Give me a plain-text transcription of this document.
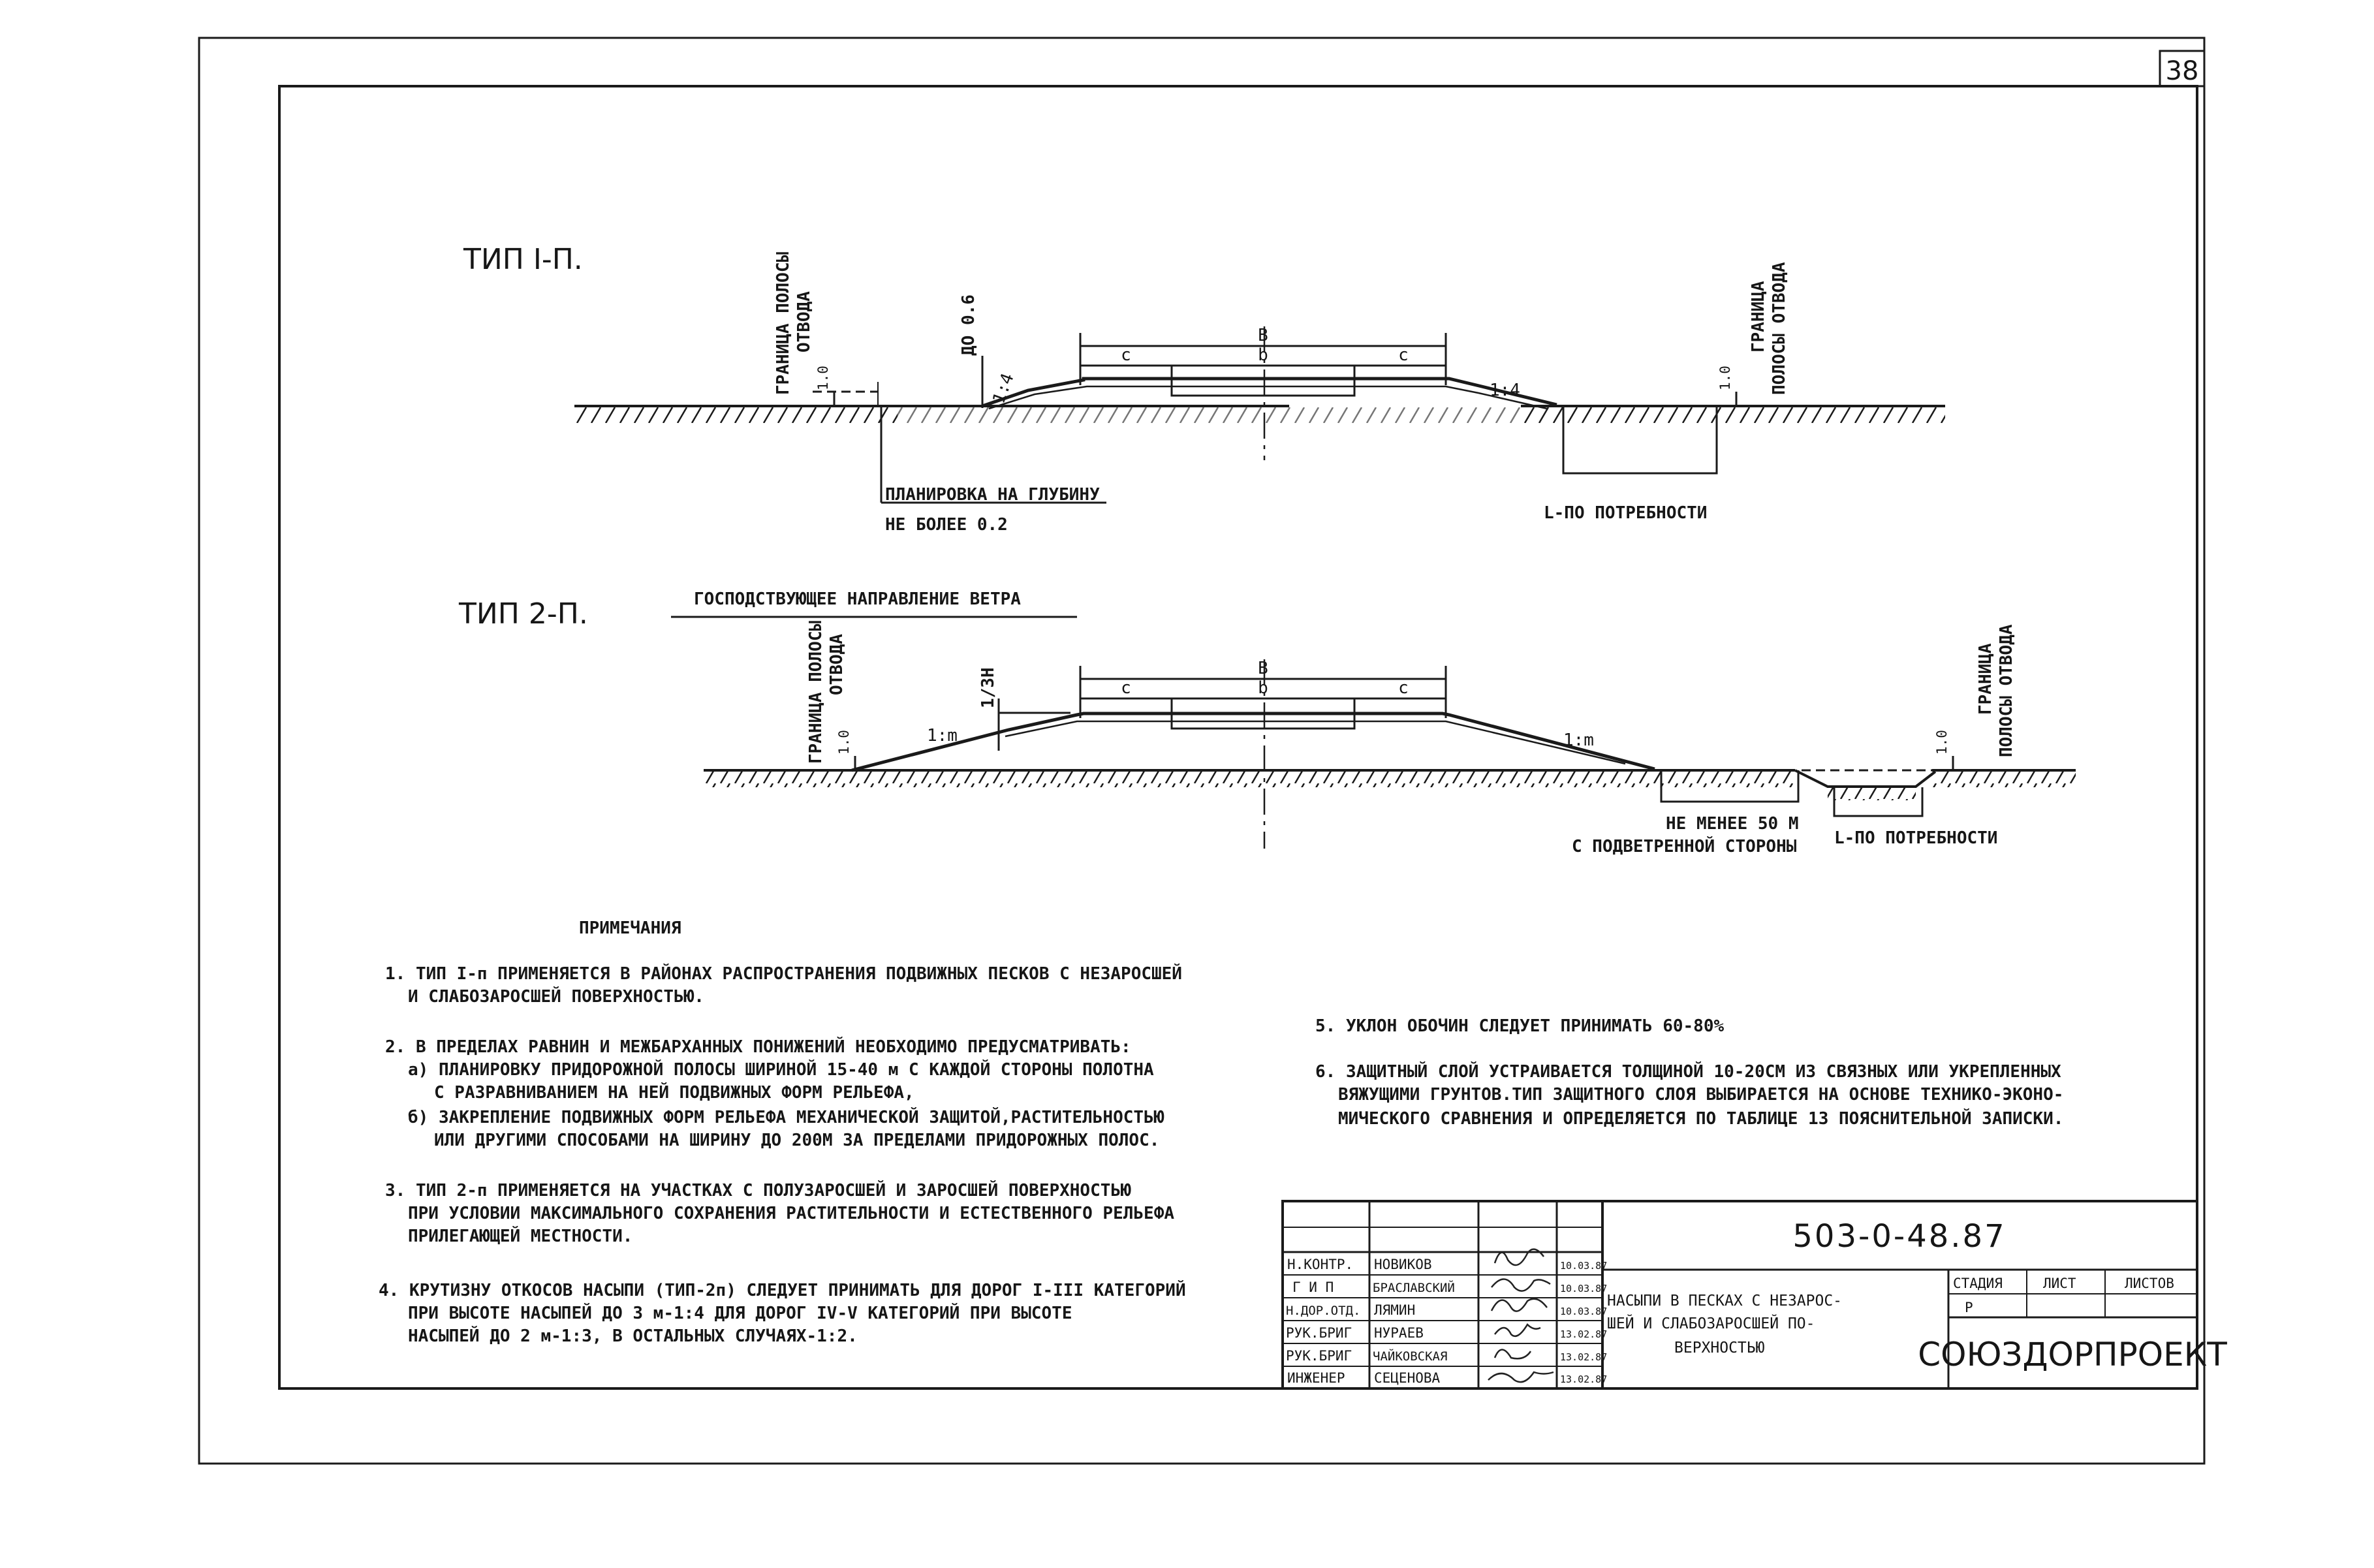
38
ТИП I-П.
B
b
c	c
ДО 0.6
1:4	1:4
1.0
ГРАНИЦА ПОЛОСЫ ОТВОДА
1.0
ГРАНИЦА ПОЛОСЫ ОТВОДА
ПЛАНИРОВКА НА ГЛУБИНУ
НЕ БОЛЕЕ 0.2
L-ПО ПОТРЕБНОСТИ
ТИП 2-П.	ГОСПОДСТВУЮЩЕЕ НАПРАВЛЕНИЕ ВЕТРА
B
b
c	c
1/3Н
1:m	1:m
1.0
ГРАНИЦА ПОЛОСЫ ОТВОДА
НЕ МЕНЕЕ 50 М
С ПОДВЕТРЕННОЙ СТОРОНЫ L-ПО ПОТРЕБНОСТИ
1.0
ГРАНИЦА ПОЛОСЫ ОТВОДА
ПРИМЕЧАНИЯ
1. ТИП I-п ПРИМЕНЯЕТСЯ В РАЙОНАХ РАСПРОСТРАНЕНИЯ ПОДВИЖНЫХ ПЕСКОВ С НЕЗАРОСШЕЙ
И СЛАБОЗАРОСШЕЙ ПОВЕРХНОСТЬЮ.
2. В ПРЕДЕЛАХ РАВНИН И МЕЖБАРХАННЫХ ПОНИЖЕНИЙ НЕОБХОДИМО ПРЕДУСМАТРИВАТЬ:
а) ПЛАНИРОВКУ ПРИДОРОЖНОЙ ПОЛОСЫ ШИРИНОЙ 15-40 м С КАЖДОЙ СТОРОНЫ ПОЛОТНА
С РАЗРАВНИВАНИЕМ НА НЕЙ ПОДВИЖНЫХ ФОРМ РЕЛЬЕФА,
б) ЗАКРЕПЛЕНИЕ ПОДВИЖНЫХ ФОРМ РЕЛЬЕФА МЕХАНИЧЕСКОЙ ЗАЩИТОЙ,РАСТИТЕЛЬНОСТЬЮ
ИЛИ ДРУГИМИ СПОСОБАМИ НА ШИРИНУ ДО 200М ЗА ПРЕДЕЛАМИ ПРИДОРОЖНЫХ ПОЛОС.
3. ТИП 2-п ПРИМЕНЯЕТСЯ НА УЧАСТКАХ С ПОЛУЗАРОСШЕЙ И ЗАРОСШЕЙ ПОВЕРХНОСТЬЮ
ПРИ УСЛОВИИ МАКСИМАЛЬНОГО СОХРАНЕНИЯ РАСТИТЕЛЬНОСТИ И ЕСТЕСТВЕННОГО РЕЛЬЕФА
ПРИЛЕГАЮЩЕЙ МЕСТНОСТИ.
4. КРУТИЗНУ ОТКОСОВ НАСЫПИ (ТИП-2п) СЛЕДУЕТ ПРИНИМАТЬ ДЛЯ ДОРОГ I-III КАТЕГОРИЙ
ПРИ ВЫСОТЕ НАСЫПЕЙ ДО 3 м-1:4 ДЛЯ ДОРОГ IV-V КАТЕГОРИЙ ПРИ ВЫСОТЕ
НАСЫПЕЙ ДО 2 м-1:3, В ОСТАЛЬНЫХ СЛУЧАЯХ-1:2.
5. УКЛОН ОБОЧИН СЛЕДУЕТ ПРИНИМАТЬ 60-80%
6. ЗАЩИТНЫЙ СЛОЙ УСТРАИВАЕТСЯ ТОЛЩИНОЙ 10-20СМ ИЗ СВЯЗНЫХ ИЛИ УКРЕПЛЕННЫХ
ВЯЖУЩИМИ ГРУНТОВ.ТИП ЗАЩИТНОГО СЛОЯ ВЫБИРАЕТСЯ НА ОСНОВЕ ТЕХНИКО-ЭКОНО-
МИЧЕСКОГО СРАВНЕНИЯ И ОПРЕДЕЛЯЕТСЯ ПО ТАБЛИЦЕ 13 ПОЯСНИТЕЛЬНОЙ ЗАПИСКИ.
Н.КОНТР. НОВИКОВ	10.03.87
Г И П	БРАСЛАВСКИЙ	10.03.87
Н.ДОР.ОТД. ЛЯМИН	10.03.87
РУК.БРИГ НУРАЕВ	13.02.87
РУК.БРИГ ЧАЙКОВСКАЯ	13.02.87
ИНЖЕНЕР СЕЦЕНОВА	13.02.87
503-0-48.87
НАСЫПИ В ПЕСКАХ С НЕЗАРОС-
ШЕЙ И СЛАБОЗАРОСШЕЙ ПО-
ВЕРХНОСТЬЮ
СТАДИЯ	ЛИСТ	ЛИСТОВ
Р
СОЮЗДОРПРОЕКТ
